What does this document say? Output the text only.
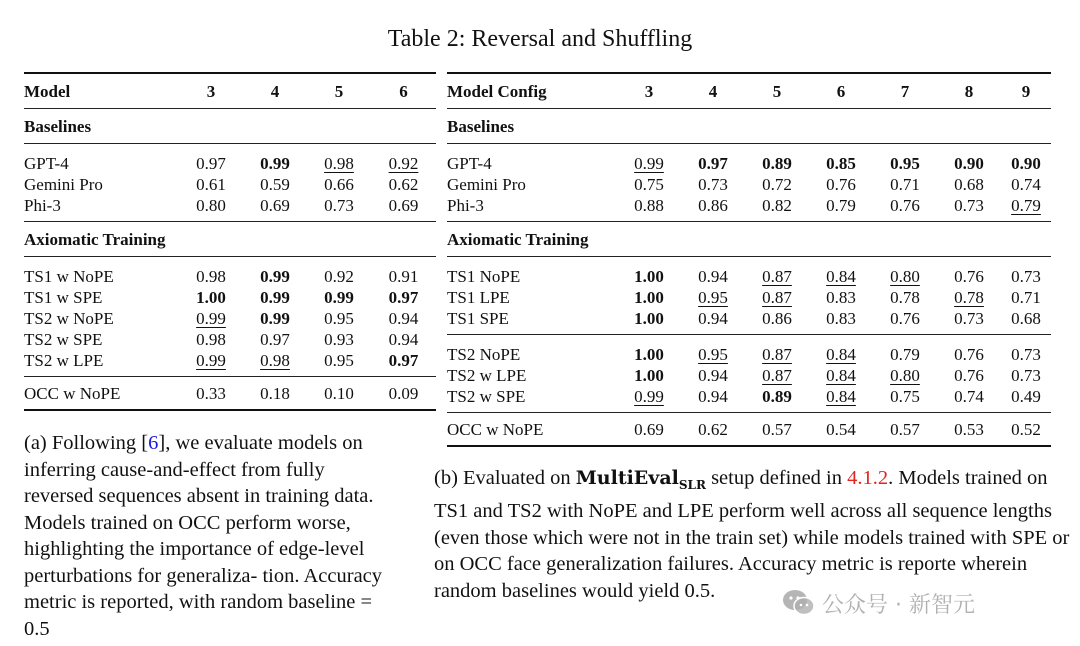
Table 2: Reversal and Shuffling
Model	3	4	5	6
Baselines				
GPT-4	0.97	0.99	0.98	0.92
Gemini Pro	0.61	0.59	0.66	0.62
Phi-3	0.80	0.69	0.73	0.69
Axiomatic Training				
TS1 w NoPE	0.98	0.99	0.92	0.91
TS1 w SPE	1.00	0.99	0.99	0.97
TS2 w NoPE	0.99	0.99	0.95	0.94
TS2 w SPE	0.98	0.97	0.93	0.94
TS2 w LPE	0.99	0.98	0.95	0.97
OCC w NoPE	0.33	0.18	0.10	0.09
Model Config	3	4	5	6	7	8	9
Baselines							
GPT-4	0.99	0.97	0.89	0.85	0.95	0.90	0.90
Gemini Pro	0.75	0.73	0.72	0.76	0.71	0.68	0.74
Phi-3	0.88	0.86	0.82	0.79	0.76	0.73	0.79
Axiomatic Training							
TS1 NoPE	1.00	0.94	0.87	0.84	0.80	0.76	0.73
TS1 LPE	1.00	0.95	0.87	0.83	0.78	0.78	0.71
TS1 SPE	1.00	0.94	0.86	0.83	0.76	0.73	0.68
TS2 NoPE	1.00	0.95	0.87	0.84	0.79	0.76	0.73
TS2 w LPE	1.00	0.94	0.87	0.84	0.80	0.76	0.73
TS2 w SPE	0.99	0.94	0.89	0.84	0.75	0.74	0.49
OCC w NoPE	0.69	0.62	0.57	0.54	0.57	0.53	0.52
(a) Following [6], we evaluate models on inferring cause-and-effect from fully reversed sequences absent in training data. Models trained on OCC perform worse, highlighting the importance of edge-level perturbations for generaliza- tion. Accuracy metric is reported, with random baseline = 0.5
(b) Evaluated on MultiEval$_{SLR}$ setup defined in 4.1.2. Models trained on TS1 and TS2 with NoPE and LPE perform well across all sequence lengths (even those which were not in the train set) while models trained with SPE or on OCC face generalization failures. Accuracy metric is reporte wherein random baselines would yield 0.5.
公众号 · 新智元
